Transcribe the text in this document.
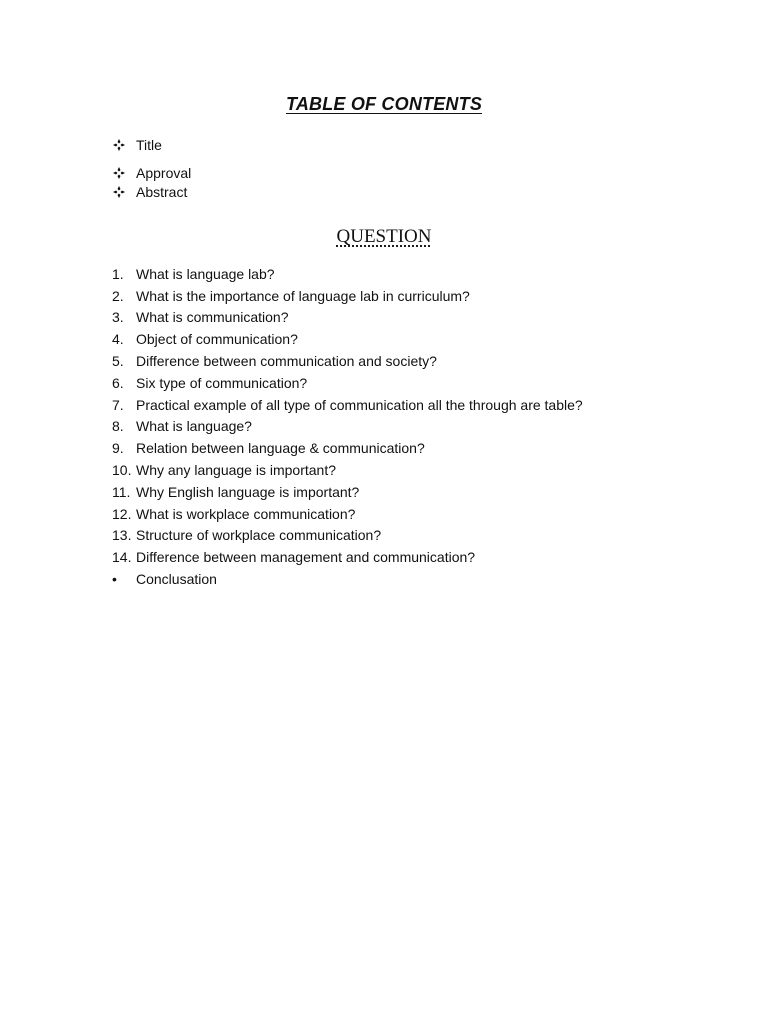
TABLE OF CONTENTS
Title
Approval
Abstract
QUESTION
1. What is language lab?
2. What is the importance of language lab in curriculum?
3. What is communication?
4. Object of communication?
5. Difference between communication and society?
6. Six type of communication?
7. Practical example of all type of communication all the through are table?
8. What is language?
9. Relation between language & communication?
10. Why any language is important?
11. Why English language is important?
12. What is workplace communication?
13. Structure of workplace communication?
14. Difference between management and communication?
•	Conclusation
